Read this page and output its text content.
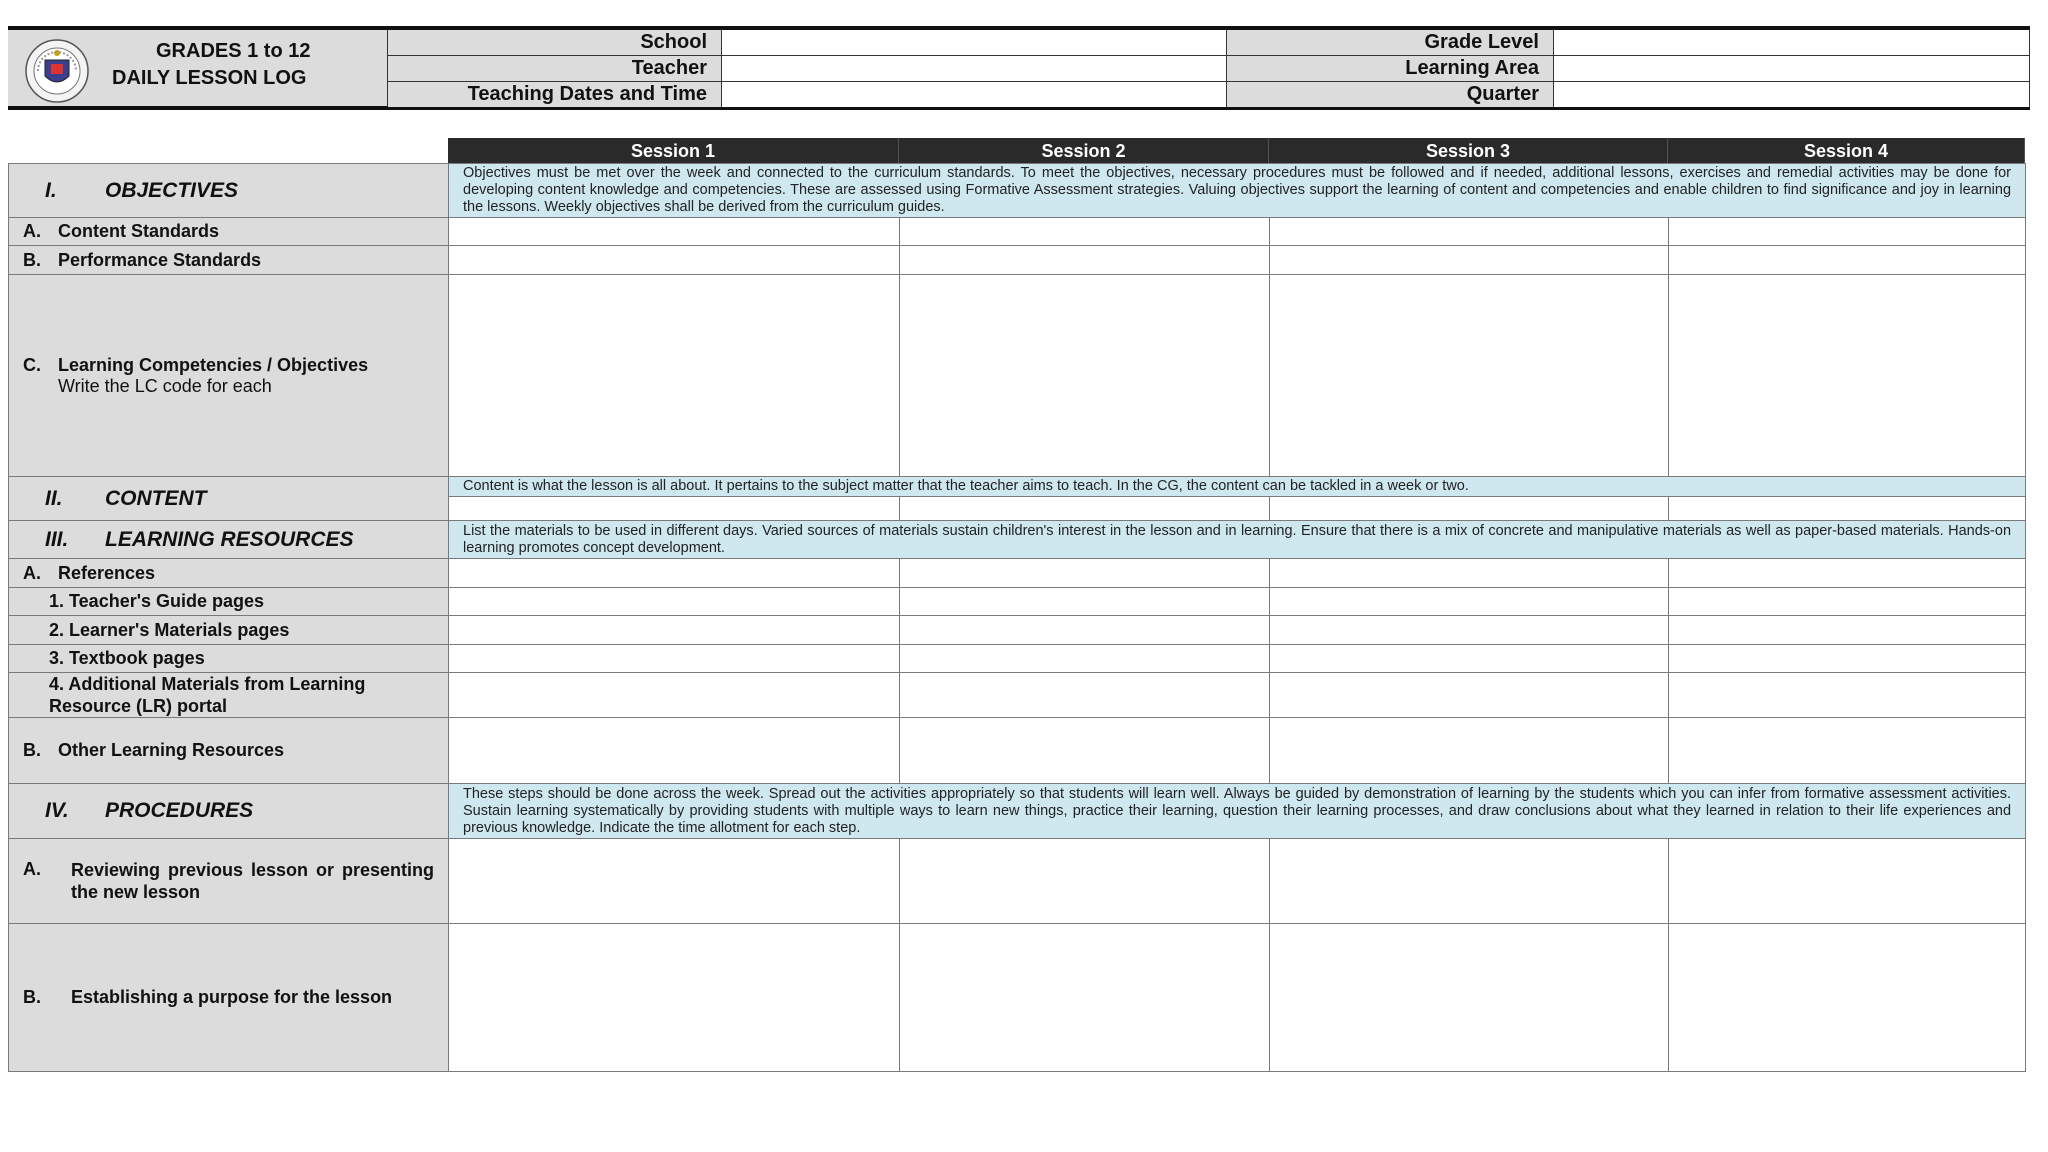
GRADES 1 to 12
DAILY LESSON LOG
School	Grade Level
Teacher	Learning Area
Teaching Dates and Time	Quarter
Session 1	Session 2	Session 3	Session 4
I. OBJECTIVES	Objectives must be met over the week and connected to the curriculum standards. To meet the objectives, necessary procedures must be followed and if needed, additional lessons, exercises and remedial activities may be done for developing content knowledge and competencies. These are assessed using Formative Assessment strategies. Valuing objectives support the learning of content and competencies and enable children to find significance and joy in learning the lessons. Weekly objectives shall be derived from the curriculum guides.			

A. Content Standards				

B. Performance Standards				

C. Learning Competencies / Objectives
Write the LC code for each				

II. CONTENT	Content is what the lesson is all about. It pertains to the subject matter that the teacher aims to teach. In the CG, the content can be tackled in a week or two.			

III. LEARNING RESOURCES	List the materials to be used in different days. Varied sources of materials sustain children's interest in the lesson and in learning. Ensure that there is a mix of concrete and manipulative materials as well as paper-based materials. Hands-on learning promotes concept development.			

A. References				

1. Teacher's Guide pages				
2. Learner's Materials pages				
3. Textbook pages				
4. Additional Materials from Learning Resource (LR) portal				

B. Other Learning Resources				

IV. PROCEDURES	These steps should be done across the week. Spread out the activities appropriately so that students will learn well. Always be guided by demonstration of learning by the students which you can infer from formative assessment activities. Sustain learning systematically by providing students with multiple ways to learn new things, practice their learning, question their learning processes, and draw conclusions about what they learned in relation to their life experiences and previous knowledge. Indicate the time allotment for each step.			

A. Reviewing previous lesson or presenting the new lesson				

B. Establishing a purpose for the lesson				
